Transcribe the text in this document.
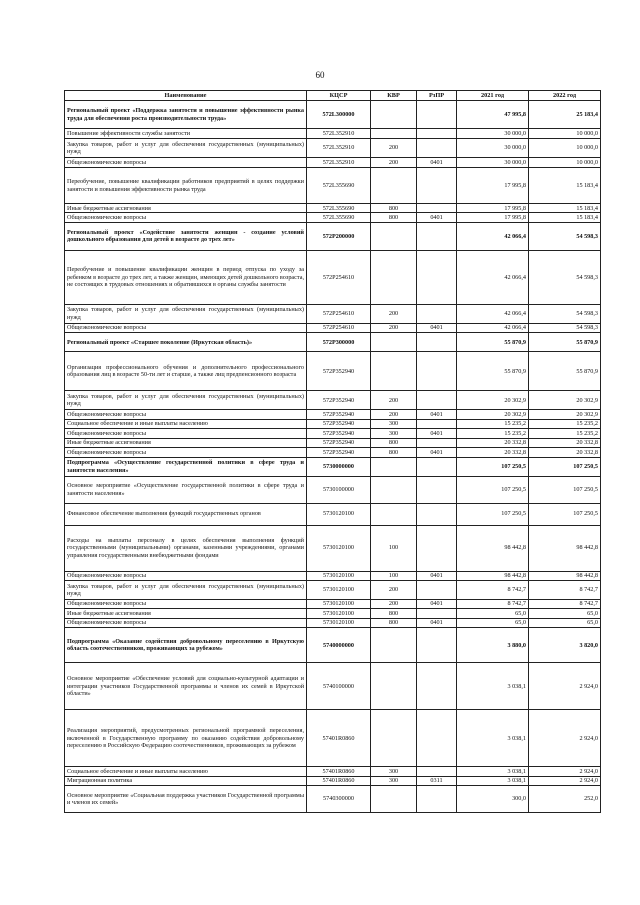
60
Наименование	КЦСР	КВР	РзПР	2021 год	2022 год
Региональный проект «Поддержка занятости и повышение эффективности рынка труда для обеспечения роста производительности труда»	572L300000			47 995,8	25 183,4
Повышение эффективности службы занятости	572L352910			30 000,0	10 000,0
Закупка товаров, работ и услуг для обеспечения государственных (муниципальных) нужд	572L352910	200		30 000,0	10 000,0
Общеэкономические вопросы	572L352910	200	0401	30 000,0	10 000,0
Переобучение, повышение квалификации работников предприятий в целях поддержки занятости и повышения эффективности рынка труда	572L355690			17 995,8	15 183,4
Иные бюджетные ассигнования	572L355690	800		17 995,8	15 183,4
Общеэкономические вопросы	572L355690	800	0401	17 995,8	15 183,4
Региональный проект «Содействие занятости женщин - создание условий дошкольного образования для детей в возрасте до трех лет»	572P200000			42 066,4	54 598,3
Переобучение и повышение квалификации женщин в период отпуска по уходу за ребенком в возрасте до трех лет, а также женщин, имеющих детей дошкольного возраста, не состоящих в трудовых отношениях и обратившихся в органы службы занятости	572P254610			42 066,4	54 598,3
Закупка товаров, работ и услуг для обеспечения государственных (муниципальных) нужд	572P254610	200		42 066,4	54 598,3
Общеэкономические вопросы	572P254610	200	0401	42 066,4	54 598,3
Региональный проект «Старшее поколение (Иркутская область)»	572P300000			55 870,9	55 870,9
Организация профессионального обучения и дополнительного профессионального образования лиц в возрасте 50-ти лет и старше, а также лиц предпенсионного возраста	572P352940			55 870,9	55 870,9
Закупка товаров, работ и услуг для обеспечения государственных (муниципальных) нужд	572P352940	200		20 302,9	20 302,9
Общеэкономические вопросы	572P352940	200	0401	20 302,9	20 302,9
Социальное обеспечение и иные выплаты населению	572P352940	300		15 235,2	15 235,2
Общеэкономические вопросы	572P352940	300	0401	15 235,2	15 235,2
Иные бюджетные ассигнования	572P352940	800		20 332,8	20 332,8
Общеэкономические вопросы	572P352940	800	0401	20 332,8	20 332,8
Подпрограмма «Осуществление государственной политики в сфере труда и занятости населения»	5730000000			107 250,5	107 250,5
Основное мероприятие «Осуществление государственной политики в сфере труда и занятости населения»	5730100000			107 250,5	107 250,5
Финансовое обеспечение выполнения функций государственных органов	5730120100			107 250,5	107 250,5
Расходы на выплаты персоналу в целях обеспечения выполнения функций государственными (муниципальными) органами, казенными учреждениями, органами управления государственными внебюджетными фондами	5730120100	100		98 442,8	98 442,8
Общеэкономические вопросы	5730120100	100	0401	98 442,8	98 442,8
Закупка товаров, работ и услуг для обеспечения государственных (муниципальных) нужд	5730120100	200		8 742,7	8 742,7
Общеэкономические вопросы	5730120100	200	0401	8 742,7	8 742,7
Иные бюджетные ассигнования	5730120100	800		65,0	65,0
Общеэкономические вопросы	5730120100	800	0401	65,0	65,0
Подпрограмма «Оказание содействия добровольному переселению в Иркутскую область соотечественников, проживающих за рубежом»	5740000000			3 880,0	3 820,0
Основное мероприятие «Обеспечение условий для социально-культурной адаптации и интеграции участников Государственной программы и членов их семей в Иркутской области»	5740100000			3 038,1	2 924,0
Реализация мероприятий, предусмотренных региональной программой переселения, включенной в Государственную программу по оказанию содействия добровольному переселению в Российскую Федерацию соотечественников, проживающих за рубежом	57401R0860			3 038,1	2 924,0
Социальное обеспечение и иные выплаты населению	57401R0860	300		3 038,1	2 924,0
Миграционная политика	57401R0860	300	0311	3 038,1	2 924,0
Основное мероприятие «Социальная поддержка участников Государственной программы и членов их семей»	5740300000			300,0	252,0
